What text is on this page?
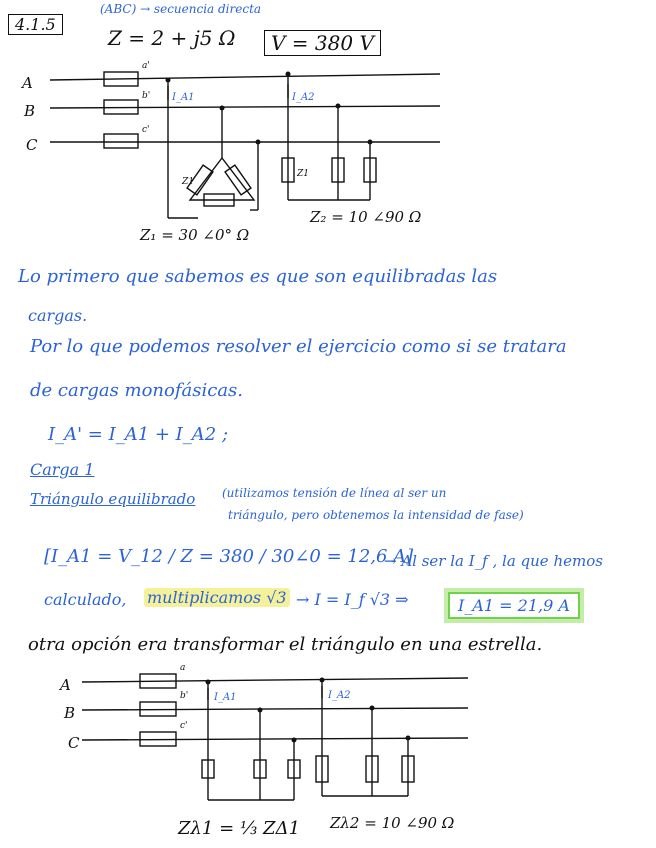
4.1.5
(ABC) → secuencia directa
Z = 2 + j5 Ω	V = 380 V
A
B
C
a'
b'
c'
I_A1	I_A2
Z1
Z1
Z₁ = 30 ∠0° Ω
Z₂ = 10 ∠90 Ω
Lo primero que sabemos es que son equilibradas las
cargas.
Por lo que podemos resolver el ejercicio como si se tratara
de cargas monofásicas.
I_A' = I_A1 + I_A2 ;
Carga 1
Triángulo equilibrado (utilizamos tensión de línea al ser un
triángulo, pero obtenemos la intensidad de fase)
[I_A1 = V_12 / Z = 380 / 30∠0 = 12,6 A]
→ Al ser la I_f , la que hemos
calculado, multiplicamos √3 → I = I_f √3 ⇒	I_A1 = 21,9 A
otra opción era transformar el triángulo en una estrella.
A
B
C
a
b'
c'
I_A1	I_A2
Zλ1 = ⅓ ZΔ1 Zλ2 = 10 ∠90 Ω
